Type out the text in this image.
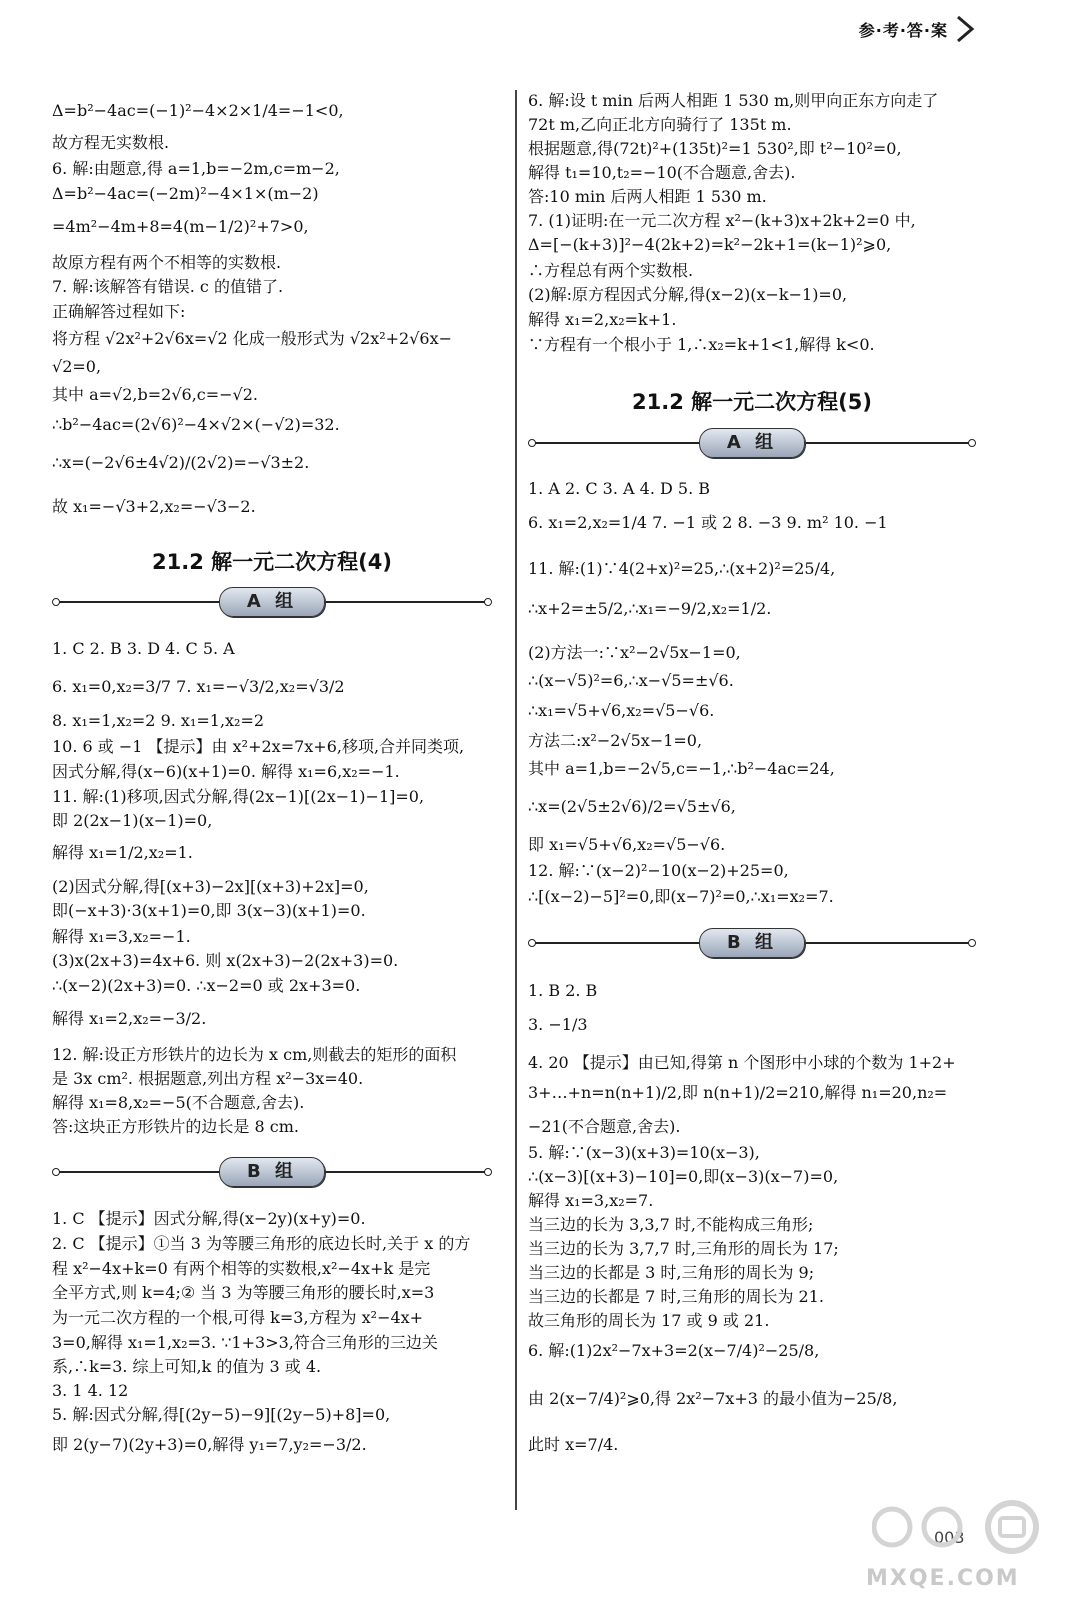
参·考·答·案
Δ=b²−4ac=(−1)²−4×2×1/4=−1<0,
故方程无实数根.
6. 解:由题意,得 a=1,b=−2m,c=m−2,
Δ=b²−4ac=(−2m)²−4×1×(m−2)
=4m²−4m+8=4(m−1/2)²+7>0,
故原方程有两个不相等的实数根.
7. 解:该解答有错误. c 的值错了.
正确解答过程如下:
将方程 √2x²+2√6x=√2 化成一般形式为 √2x²+2√6x−
√2=0,
其中 a=√2,b=2√6,c=−√2.
∴b²−4ac=(2√6)²−4×√2×(−√2)=32.
∴x=(−2√6±4√2)/(2√2)=−√3±2.
故 x₁=−√3+2,x₂=−√3−2.
21.2 解一元二次方程(4)
A 组
1. C 2. B 3. D 4. C 5. A
6. x₁=0,x₂=3/7 7. x₁=−√3/2,x₂=√3/2
8. x₁=1,x₂=2 9. x₁=1,x₂=2
10. 6 或 −1 【提示】由 x²+2x=7x+6,移项,合并同类项,
因式分解,得(x−6)(x+1)=0. 解得 x₁=6,x₂=−1.
11. 解:(1)移项,因式分解,得(2x−1)[(2x−1)−1]=0,
即 2(2x−1)(x−1)=0,
解得 x₁=1/2,x₂=1.
(2)因式分解,得[(x+3)−2x][(x+3)+2x]=0,
即(−x+3)·3(x+1)=0,即 3(x−3)(x+1)=0.
解得 x₁=3,x₂=−1.
(3)x(2x+3)=4x+6. 则 x(2x+3)−2(2x+3)=0.
∴(x−2)(2x+3)=0. ∴x−2=0 或 2x+3=0.
解得 x₁=2,x₂=−3/2.
12. 解:设正方形铁片的边长为 x cm,则截去的矩形的面积
是 3x cm². 根据题意,列出方程 x²−3x=40.
解得 x₁=8,x₂=−5(不合题意,舍去).
答:这块正方形铁片的边长是 8 cm.
B 组
1. C 【提示】因式分解,得(x−2y)(x+y)=0.
2. C 【提示】①当 3 为等腰三角形的底边长时,关于 x 的方
程 x²−4x+k=0 有两个相等的实数根,x²−4x+k 是完
全平方式,则 k=4;② 当 3 为等腰三角形的腰长时,x=3
为一元二次方程的一个根,可得 k=3,方程为 x²−4x+
3=0,解得 x₁=1,x₂=3. ∵1+3>3,符合三角形的三边关
系,∴k=3. 综上可知,k 的值为 3 或 4.
3. 1 4. 12
5. 解:因式分解,得[(2y−5)−9][(2y−5)+8]=0,
即 2(y−7)(2y+3)=0,解得 y₁=7,y₂=−3/2.
6. 解:设 t min 后两人相距 1 530 m,则甲向正东方向走了
72t m,乙向正北方向骑行了 135t m.
根据题意,得(72t)²+(135t)²=1 530²,即 t²−10²=0,
解得 t₁=10,t₂=−10(不合题意,舍去).
答:10 min 后两人相距 1 530 m.
7. (1)证明:在一元二次方程 x²−(k+3)x+2k+2=0 中,
Δ=[−(k+3)]²−4(2k+2)=k²−2k+1=(k−1)²⩾0,
∴方程总有两个实数根.
(2)解:原方程因式分解,得(x−2)(x−k−1)=0,
解得 x₁=2,x₂=k+1.
∵方程有一个根小于 1,∴x₂=k+1<1,解得 k<0.
21.2 解一元二次方程(5)
A 组
1. A 2. C 3. A 4. D 5. B
6. x₁=2,x₂=1/4 7. −1 或 2 8. −3 9. m² 10. −1
11. 解:(1)∵4(2+x)²=25,∴(x+2)²=25/4,
∴x+2=±5/2,∴x₁=−9/2,x₂=1/2.
(2)方法一:∵x²−2√5x−1=0,
∴(x−√5)²=6,∴x−√5=±√6.
∴x₁=√5+√6,x₂=√5−√6.
方法二:x²−2√5x−1=0,
其中 a=1,b=−2√5,c=−1,∴b²−4ac=24,
∴x=(2√5±2√6)/2=√5±√6,
即 x₁=√5+√6,x₂=√5−√6.
12. 解:∵(x−2)²−10(x−2)+25=0,
∴[(x−2)−5]²=0,即(x−7)²=0,∴x₁=x₂=7.
B 组
1. B 2. B
3. −1/3
4. 20 【提示】由已知,得第 n 个图形中小球的个数为 1+2+
3+…+n=n(n+1)/2,即 n(n+1)/2=210,解得 n₁=20,n₂=
−21(不合题意,舍去).
5. 解:∵(x−3)(x+3)=10(x−3),
∴(x−3)[(x+3)−10]=0,即(x−3)(x−7)=0,
解得 x₁=3,x₂=7.
当三边的长为 3,3,7 时,不能构成三角形;
当三边的长为 3,7,7 时,三角形的周长为 17;
当三边的长都是 3 时,三角形的周长为 9;
当三边的长都是 7 时,三角形的周长为 21.
故三角形的周长为 17 或 9 或 21.
6. 解:(1)2x²−7x+3=2(x−7/4)²−25/8,
由 2(x−7/4)²⩾0,得 2x²−7x+3 的最小值为−25/8,
此时 x=7/4.
003
MXQE.COM
